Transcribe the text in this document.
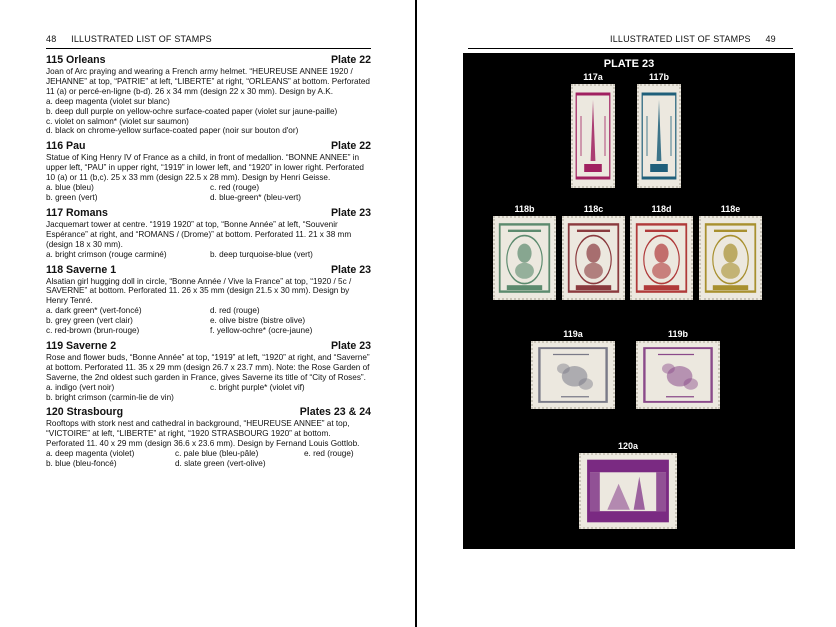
48 ILLUSTRATED LIST OF STAMPS
115 Orleans	Plate 22

Joan of Arc praying and wearing a French army helmet. “HEUREUSE ANNEE 1920 / JEHANNE” at top, “PATRIE” at left, “LIBERTE” at right, “ORLEANS” at bottom. Perforated 11 (a) or percé-en-ligne (b-d). 26 x 34 mm (design 22 x 30 mm). Design by A.K.

a. deep magenta (violet sur blanc)
b. deep dull purple on yellow-ochre surface-coated paper (violet sur jaune-paille)
c. violet on salmon* (violet sur saumon)
d. black on chrome-yellow surface-coated paper (noir sur bouton d'or)
116 Pau	Plate 22

Statue of King Henry IV of France as a child, in front of medallion. “BONNE ANNEE” in upper left, “PAU” in upper right, “1919” in lower left, and “1920” in lower right. Perforated 10 (a) or 11 (b,c). 25 x 33 mm (design 22.5 x 28 mm). Design by Henri Geisse.

a. blue (bleu)	c. red (rouge)
b. green (vert)	d. blue-green* (bleu-vert)
117 Romans	Plate 23

Jacquemart tower at centre. “1919 1920” at top, “Bonne Année” at left, “Souvenir Espérance” at right, and “ROMANS / (Drome)” at bottom. Perforated 11. 21 x 38 mm (design 18 x 30 mm).

a. bright crimson (rouge carminé)	b. deep turquoise-blue (vert)
118 Saverne 1	Plate 23

Alsatian girl hugging doll in circle, “Bonne Année / Vive la France” at top, “1920 / 5c / SAVERNE” at bottom. Perforated 11. 26 x 35 mm (design 21.5 x 30 mm). Design by Henry Tenré.

a. dark green* (vert-foncé)	d. red (rouge)
b. grey green (vert clair)	e. olive bistre (bistre olive)
c. red-brown (brun-rouge)	f. yellow-ochre* (ocre-jaune)
119 Saverne 2	Plate 23

Rose and flower buds, “Bonne Année” at top, “1919” at left, “1920” at right, and “Saverne” at bottom. Perforated 11. 35 x 29 mm (design 26.7 x 23.7 mm). Note: the Rose Garden of Saverne, the 2nd oldest such garden in France, gives Saverne its title of “City of Roses”.

a. indigo (vert noir)	c. bright purple* (violet vif)
b. bright crimson (carmin-lie de vin)
120 Strasbourg	Plates 23 & 24

Rooftops with stork nest and cathedral in background, “HEUREUSE ANNEE” at top, “VICTOIRE” at left, “LIBERTE” at right, “1920 STRASBOURG 1920” at bottom. Perforated 11. 40 x 29 mm (design 36.6 x 23.6 mm). Design by Fernand Louis Gottlob.

a. deep magenta (violet)	c. pale blue (bleu-pâle)	e. red (rouge)
b. blue (bleu-foncé)	d. slate green (vert-olive)
ILLUSTRATED LIST OF STAMPS 49
PLATE 23
117a	117b
118b	118c	118d	118e
119a	119b
120a
